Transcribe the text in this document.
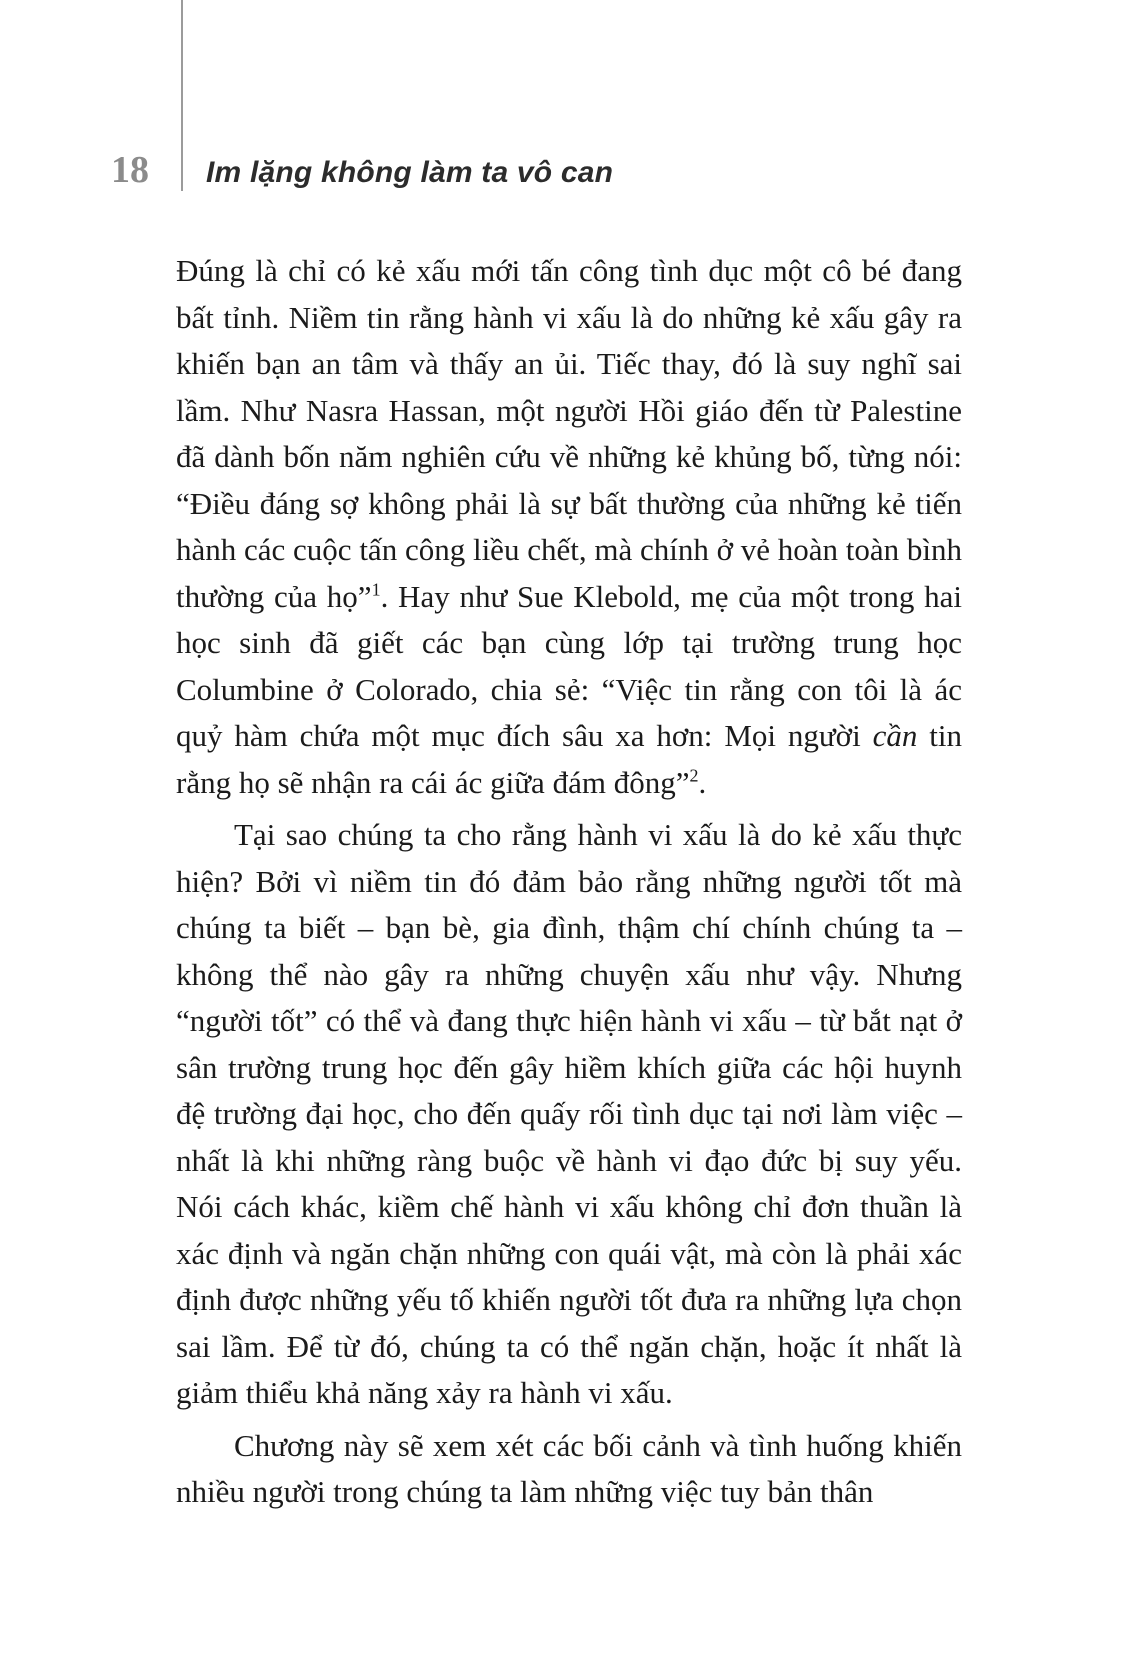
18 Im lặng không làm ta vô can

Đúng là chỉ có kẻ xấu mới tấn công tình dục một cô bé đang bất tỉnh. Niềm tin rằng hành vi xấu là do những kẻ xấu gây ra khiến bạn an tâm và thấy an ủi. Tiếc thay, đó là suy nghĩ sai lầm. Như Nasra Hassan, một người Hồi giáo đến từ Palestine đã dành bốn năm nghiên cứu về những kẻ khủng bố, từng nói: “Điều đáng sợ không phải là sự bất thường của những kẻ tiến hành các cuộc tấn công liều chết, mà chính ở vẻ hoàn toàn bình thường của họ”$^1$. Hay như Sue Klebold, mẹ của một trong hai học sinh đã giết các bạn cùng lớp tại trường trung học Columbine ở Colorado, chia sẻ: “Việc tin rằng con tôi là ác quỷ hàm chứa một mục đích sâu xa hơn: Mọi người cần tin rằng họ sẽ nhận ra cái ác giữa đám đông”$^2$.

Tại sao chúng ta cho rằng hành vi xấu là do kẻ xấu thực hiện? Bởi vì niềm tin đó đảm bảo rằng những người tốt mà chúng ta biết – bạn bè, gia đình, thậm chí chính chúng ta – không thể nào gây ra những chuyện xấu như vậy. Nhưng “người tốt” có thể và đang thực hiện hành vi xấu – từ bắt nạt ở sân trường trung học đến gây hiềm khích giữa các hội huynh đệ trường đại học, cho đến quấy rối tình dục tại nơi làm việc – nhất là khi những ràng buộc về hành vi đạo đức bị suy yếu. Nói cách khác, kiềm chế hành vi xấu không chỉ đơn thuần là xác định và ngăn chặn những con quái vật, mà còn là phải xác định được những yếu tố khiến người tốt đưa ra những lựa chọn sai lầm. Để từ đó, chúng ta có thể ngăn chặn, hoặc ít nhất là giảm thiểu khả năng xảy ra hành vi xấu.

Chương này sẽ xem xét các bối cảnh và tình huống khiến nhiều người trong chúng ta làm những việc tuy bản thân
